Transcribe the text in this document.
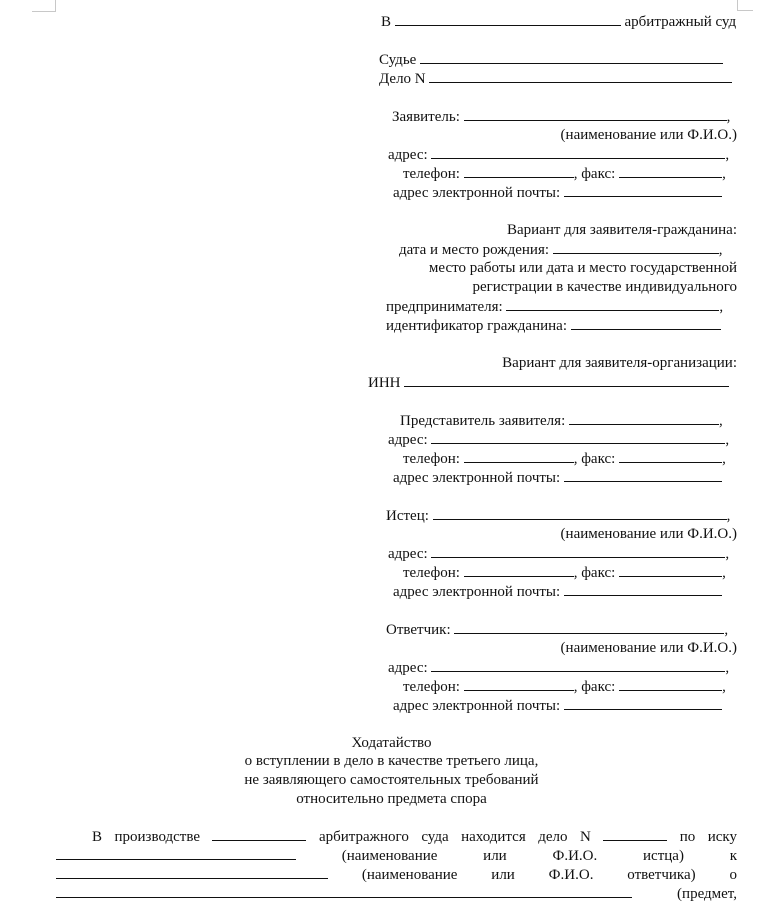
В	арбитражный суд
Судье
Дело N
Заявитель:	,
(наименование или Ф.И.О.)
адрес:	,
телефон:	, факс:	,
адрес электронной почты:
Вариант для заявителя-гражданина:
дата и место рождения:	,
место работы или дата и место государственной
регистрации в качестве индивидуального
предпринимателя:	,
идентификатор гражданина:
Вариант для заявителя-организации:
ИНН
Представитель заявителя:	,
адрес:	,
телефон:	, факс:	,
адрес электронной почты:
Истец:	,
(наименование или Ф.И.О.)
адрес:	,
телефон:	, факс:	,
адрес электронной почты:
Ответчик:	,
(наименование или Ф.И.О.)
адрес:	,
телефон:	, факс:	,
адрес электронной почты:
Ходатайство
о вступлении в дело в качестве третьего лица,
не заявляющего самостоятельных требований
относительно предмета спора
В производстве	арбитражного суда находится дело N	по иску
(наименование	или	Ф.И.О.	истца)	к
(наименование или Ф.И.О. ответчика) о
(предмет,
